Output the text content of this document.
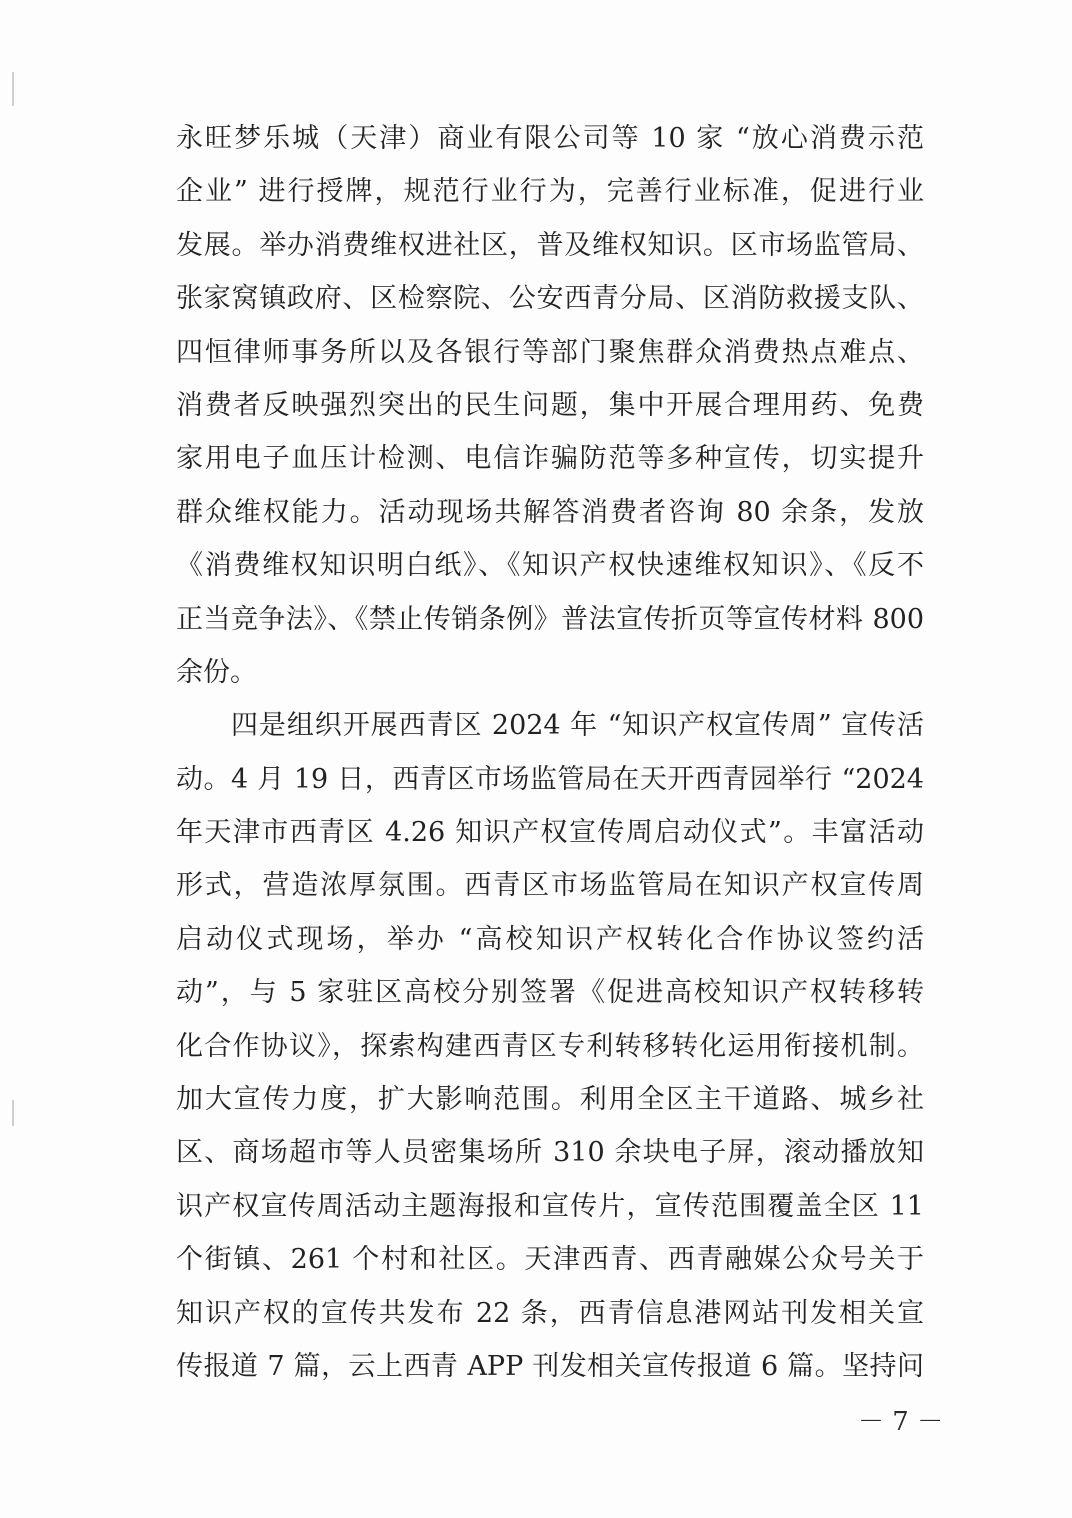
永旺梦乐城（天津）商业有限公司等 10 家 “放心消费示范
企业” 进行授牌，规范行业行为，完善行业标准，促进行业
发展。举办消费维权进社区，普及维权知识。区市场监管局、
张家窝镇政府、区检察院、公安西青分局、区消防救援支队、
四恒律师事务所以及各银行等部门聚焦群众消费热点难点、
消费者反映强烈突出的民生问题，集中开展合理用药、免费
家用电子血压计检测、电信诈骗防范等多种宣传，切实提升
群众维权能力。活动现场共解答消费者咨询 80 余条，发放
《消费维权知识明白纸》、《知识产权快速维权知识》、《反不
正当竞争法》、《禁止传销条例》普法宣传折页等宣传材料 800
余份。
四是组织开展西青区 2024 年 “知识产权宣传周” 宣传活
动。4 月 19 日，西青区市场监管局在天开西青园举行 “2024
年天津市西青区 4.26 知识产权宣传周启动仪式”。丰富活动
形式，营造浓厚氛围。西青区市场监管局在知识产权宣传周
启动仪式现场，举办 “高校知识产权转化合作协议签约活
动”，与 5 家驻区高校分别签署《促进高校知识产权转移转
化合作协议》，探索构建西青区专利转移转化运用衔接机制。
加大宣传力度，扩大影响范围。利用全区主干道路、城乡社
区、商场超市等人员密集场所 310 余块电子屏，滚动播放知
识产权宣传周活动主题海报和宣传片，宣传范围覆盖全区 11
个街镇、261 个村和社区。天津西青、西青融媒公众号关于
知识产权的宣传共发布 22 条，西青信息港网站刊发相关宣
传报道 7 篇，云上西青 APP 刊发相关宣传报道 6 篇。坚持问
－ 7 －
